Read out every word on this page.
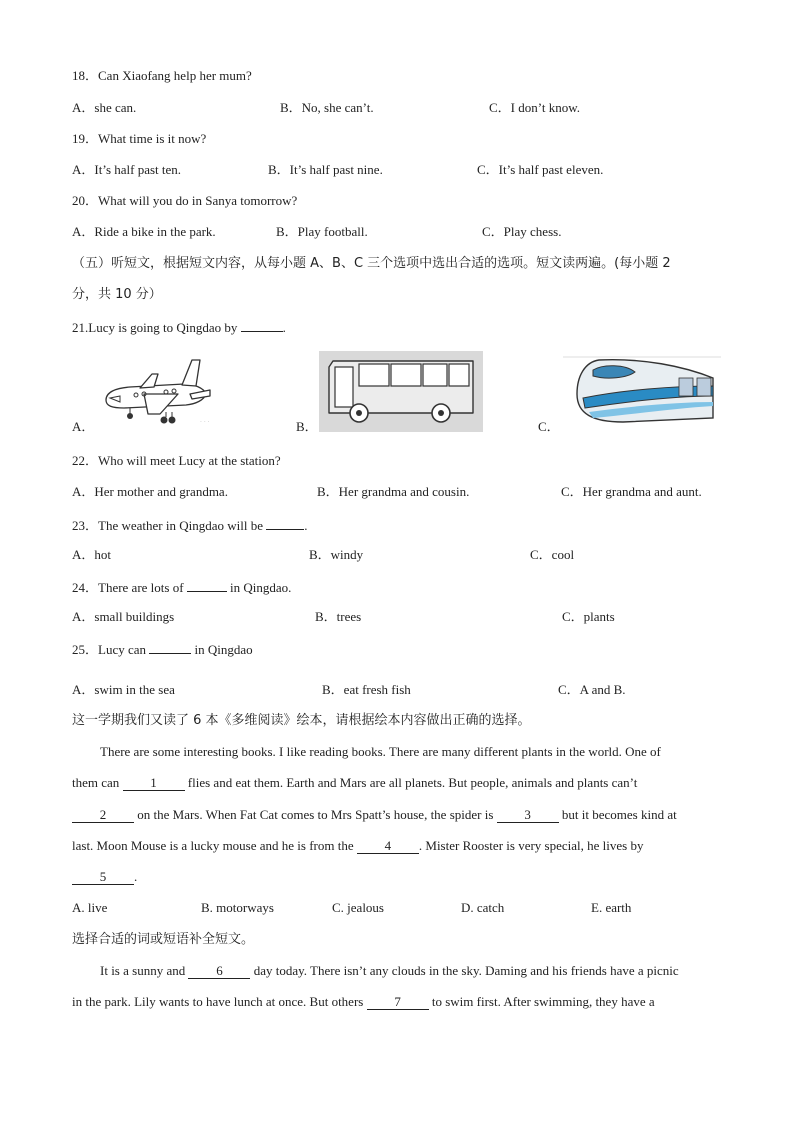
18．Can Xiaofang help her mum?
A．she can.	B．No, she can’t.	C．I don’t know.
19．What time is it now?
A．It’s half past ten.	B．It’s half past nine.	C．It’s half past eleven.
20．What will you do in Sanya tomorrow?
A．Ride a bike in the park.	B．Play football.	C．Play chess.
（五）听短文，根据短文内容，从每小题 A、B、C 三个选项中选出合适的选项。短文读两遍。(每小题 2
分，共 10 分）
21.Lucy is going to Qingdao by	.
A．	· · ·	B．	C．
22．Who will meet Lucy at the station?
A．Her mother and grandma.	B．Her grandma and cousin.	C．Her grandma and aunt.
23．The weather in Qingdao will be	.
A．hot	B．windy	C．cool
24．There are lots of	in Qingdao.
A．small buildings	B．trees	C．plants
25．Lucy can	in Qingdao
A．swim in the sea	B．eat fresh fish	C．A and B.
这一学期我们又读了 6 本《多维阅读》绘本，请根据绘本内容做出正确的选择。
There are some interesting books. I like reading books. There are many different plants in the world. One of
them can 1 flies and eat them. Earth and Mars are all planets. But people, animals and plants can’t
2 on the Mars. When Fat Cat comes to Mrs Spatt’s house, the spider is 3 but it becomes kind at
last. Moon Mouse is a lucky mouse and he is from the 4 . Mister Rooster is very special, he lives by
5 .
A. live	B. motorways	C. jealous	D. catch	E. earth
选择合适的词或短语补全短文。
It is a sunny and 6 day today. There isn’t any clouds in the sky. Daming and his friends have a picnic
in the park. Lily wants to have lunch at once. But others 7 to swim first. After swimming, they have a
